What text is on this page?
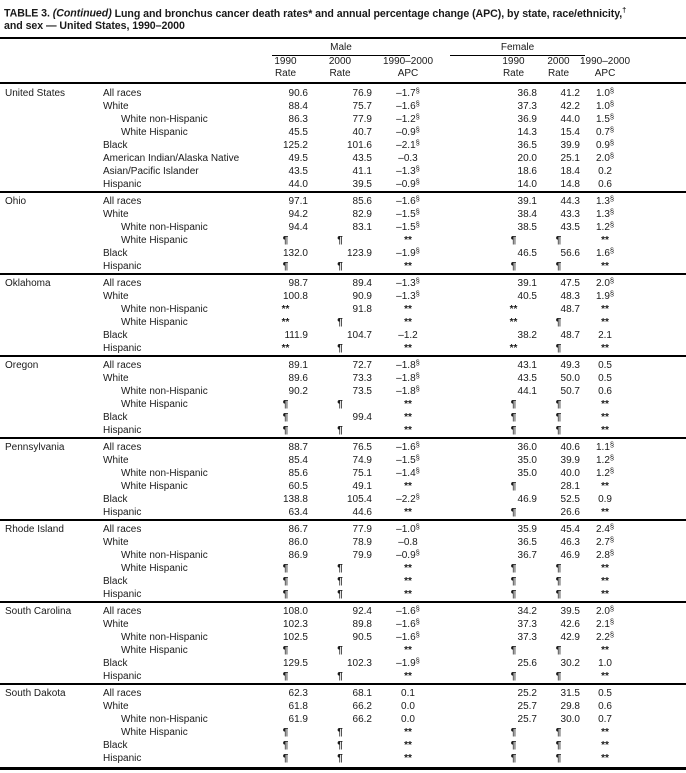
TABLE 3. (Continued) Lung and bronchus cancer death rates* and annual percentage change (APC), by state, race/ethnicity,†
and sex — United States, 1990–2000

		Male			Female				

		1990	2000	1990–2000		1990	2000	1990–2000	
		Rate	Rate	APC		Rate	Rate	APC	
United States	All races	90.6	76.9	–1.7§		36.8	41.2	1.0§	
	White	88.4	75.7	–1.6§		37.3	42.2	1.0§	
	White non-Hispanic	86.3	77.9	–1.2§		36.9	44.0	1.5§	
	White Hispanic	45.5	40.7	–0.9§		14.3	15.4	0.7§	
	Black	125.2	101.6	–2.1§		36.5	39.9	0.9§	
	American Indian/Alaska Native	49.5	43.5	–0.3		20.0	25.1	2.0§	
	Asian/Pacific Islander	43.5	41.1	–1.3§		18.6	18.4	0.2	
	Hispanic	44.0	39.5	–0.9§		14.0	14.8	0.6	
Ohio	All races	97.1	85.6	–1.6§		39.1	44.3	1.3§	
	White	94.2	82.9	–1.5§		38.4	43.3	1.3§	
	White non-Hispanic	94.4	83.1	–1.5§		38.5	43.5	1.2§	
	White Hispanic	¶	¶	**		¶	¶	**	
	Black	132.0	123.9	–1.9§		46.5	56.6	1.6§	
	Hispanic	¶	¶	**		¶	¶	**	
Oklahoma	All races	98.7	89.4	–1.3§		39.1	47.5	2.0§	
	White	100.8	90.9	–1.3§		40.5	48.3	1.9§	
	White non-Hispanic	**	91.8	**		**	48.7	**	
	White Hispanic	**	¶	**		**	¶	**	
	Black	111.9	104.7	–1.2		38.2	48.7	2.1	
	Hispanic	**	¶	**		**	¶	**	
Oregon	All races	89.1	72.7	–1.8§		43.1	49.3	0.5	
	White	89.6	73.3	–1.8§		43.5	50.0	0.5	
	White non-Hispanic	90.2	73.5	–1.8§		44.1	50.7	0.6	
	White Hispanic	¶	¶	**		¶	¶	**	
	Black	¶	99.4	**		¶	¶	**	
	Hispanic	¶	¶	**		¶	¶	**	
Pennsylvania	All races	88.7	76.5	–1.6§		36.0	40.6	1.1§	
	White	85.4	74.9	–1.5§		35.0	39.9	1.2§	
	White non-Hispanic	85.6	75.1	–1.4§		35.0	40.0	1.2§	
	White Hispanic	60.5	49.1	**		¶	28.1	**	
	Black	138.8	105.4	–2.2§		46.9	52.5	0.9	
	Hispanic	63.4	44.6	**		¶	26.6	**	
Rhode Island	All races	86.7	77.9	–1.0§		35.9	45.4	2.4§	
	White	86.0	78.9	–0.8		36.5	46.3	2.7§	
	White non-Hispanic	86.9	79.9	–0.9§		36.7	46.9	2.8§	
	White Hispanic	¶	¶	**		¶	¶	**	
	Black	¶	¶	**		¶	¶	**	
	Hispanic	¶	¶	**		¶	¶	**	
South Carolina	All races	108.0	92.4	–1.6§		34.2	39.5	2.0§	
	White	102.3	89.8	–1.6§		37.3	42.6	2.1§	
	White non-Hispanic	102.5	90.5	–1.6§		37.3	42.9	2.2§	
	White Hispanic	¶	¶	**		¶	¶	**	
	Black	129.5	102.3	–1.9§		25.6	30.2	1.0	
	Hispanic	¶	¶	**		¶	¶	**	
South Dakota	All races	62.3	68.1	0.1		25.2	31.5	0.5	
	White	61.8	66.2	0.0		25.7	29.8	0.6	
	White non-Hispanic	61.9	66.2	0.0		25.7	30.0	0.7	
	White Hispanic	¶	¶	**		¶	¶	**	
	Black	¶	¶	**		¶	¶	**	
	Hispanic	¶	¶	**		¶	¶	**	
